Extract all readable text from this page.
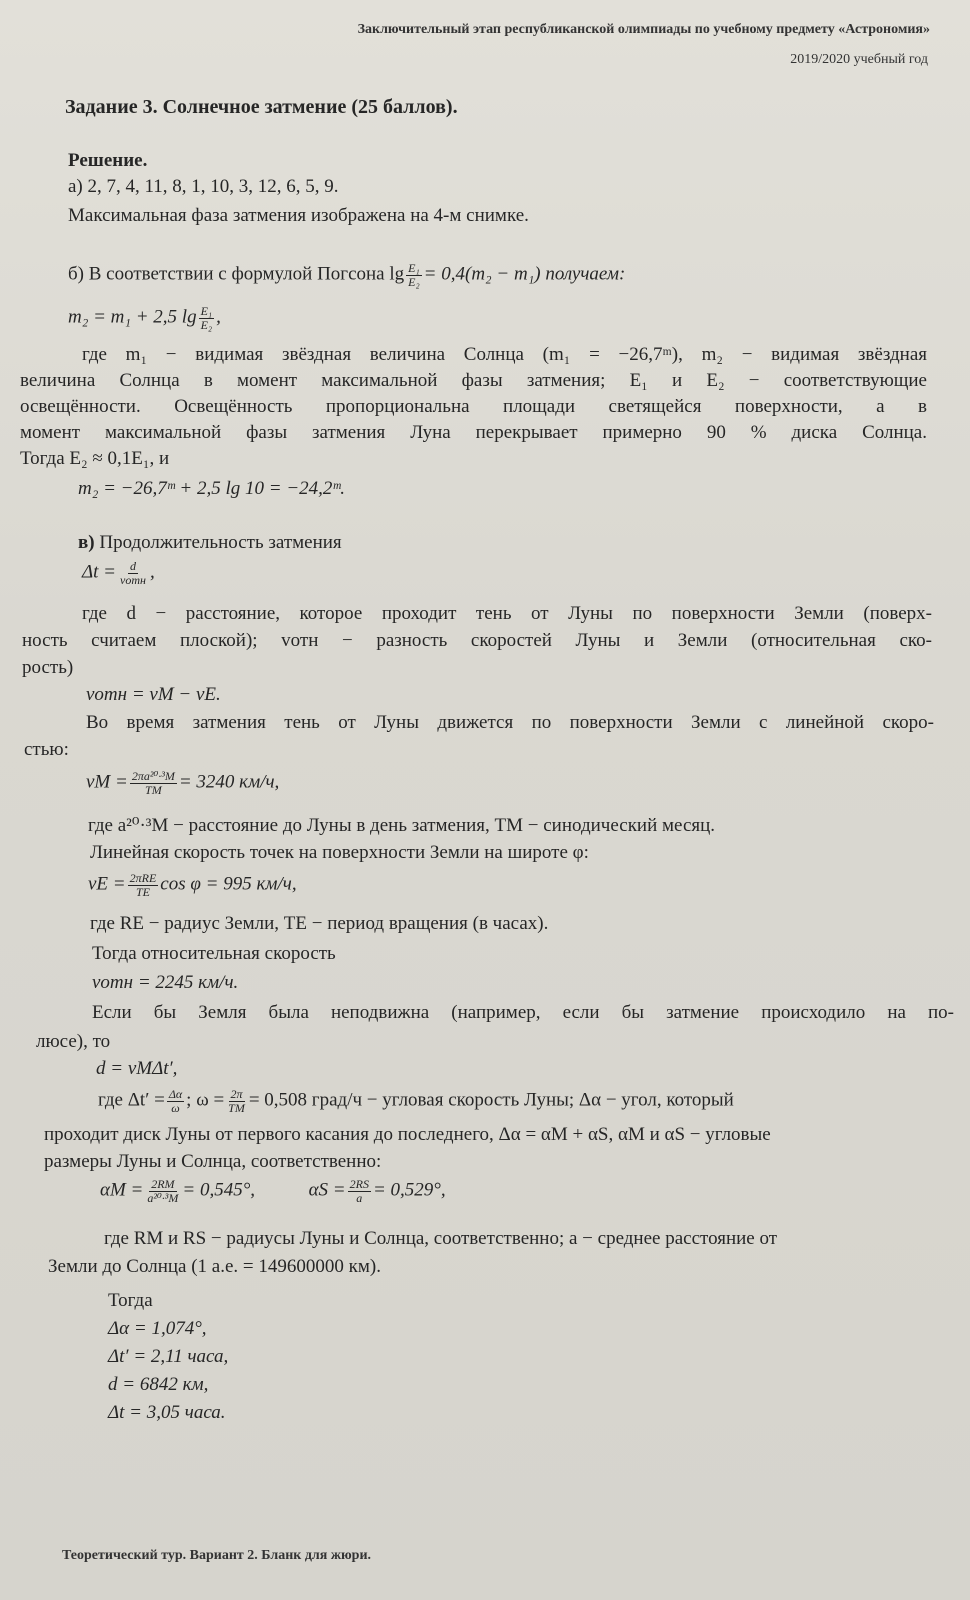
Заключительный этап республиканской олимпиады по учебному предмету «Астрономия»
2019/2020 учебный год
Задание 3. Солнечное затмение (25 баллов).
Решение.
а) 2, 7, 4, 11, 8, 1, 10, 3, 12, 6, 5, 9.
Максимальная фаза затмения изображена на 4-м снимке.
б) В соответствии с формулой Погсона $\lg \frac{\text{E₁}}{\text{E₂}} = 0,4(m_2 - m_1)$ получаем:
m₂ = m₁ + 2,5 $\lg \frac{\text{E₁}}{\text{E₂}}$ ,
где m₁ − видимая звёздная величина Солнца (m₁ = −26,7ᵐ), m₂ − видимая звёздная
величина Солнца в момент максимальной фазы затмения; E₁ и E₂ − соответствующие
освещённости. Освещённость пропорциональна площади светящейся поверхности, а в
момент максимальной фазы затмения Луна перекрывает примерно 90 % диска Солнца.
Тогда E₂ ≈ 0,1E₁, и
m₂ = −26,7ᵐ + 2,5 lg 10 = −24,2ᵐ.
в) Продолжительность затмения
$\Delta t = \frac{d}{\text{vотн}}$ ,
где d − расстояние, которое проходит тень от Луны по поверхности Земли (поверх-
ность считаем плоской); vотн − разность скоростей Луны и Земли (относительная ско-
рость)
vотн = vM − vE.
Во время затмения тень от Луны движется по поверхности Земли с линейной скоро-
стью:
vM = $\frac{\text{2πa²⁰·³M}}{TM} = 3240$ км/ч,
где a²⁰·³M − расстояние до Луны в день затмения, TM − синодический месяц.
Линейная скорость точек на поверхности Земли на широте φ:
vE = $\frac{\text{2πRE}}{TE}$ cos φ = 995 км/ч,
где RE − радиус Земли, TE − период вращения (в часах).
Тогда относительная скорость
vотн = 2245 км/ч.
Если бы Земля была неподвижна (например, если бы затмение происходило на по-
люсе), то
d = vMΔt′,
где $\Delta t' = \frac{\Delta\alpha}{\omega}$ ; $\omega = \frac{2\pi}{TM} = 0,508$ град/ч − угловая скорость Луны; Δα − угол, который
проходит диск Луны от первого касания до последнего, Δα = αM + αS, αM и αS − угловые
размеры Луны и Солнца, соответственно:
$\alpha M = \frac{2RM}{\text{a²⁰·³M}} = 0,545^\circ$,	$\alpha S = \frac{2RS}{a} = 0,529^\circ$,
где RM и RS − радиусы Луны и Солнца, соответственно; a − среднее расстояние от
Земли до Солнца (1 а.е. = 149600000 км).
Тогда
Δα = 1,074°,
Δt′ = 2,11 часа,
d = 6842 км,
Δt = 3,05 часа.
Теоретический тур. Вариант 2. Бланк для жюри.
